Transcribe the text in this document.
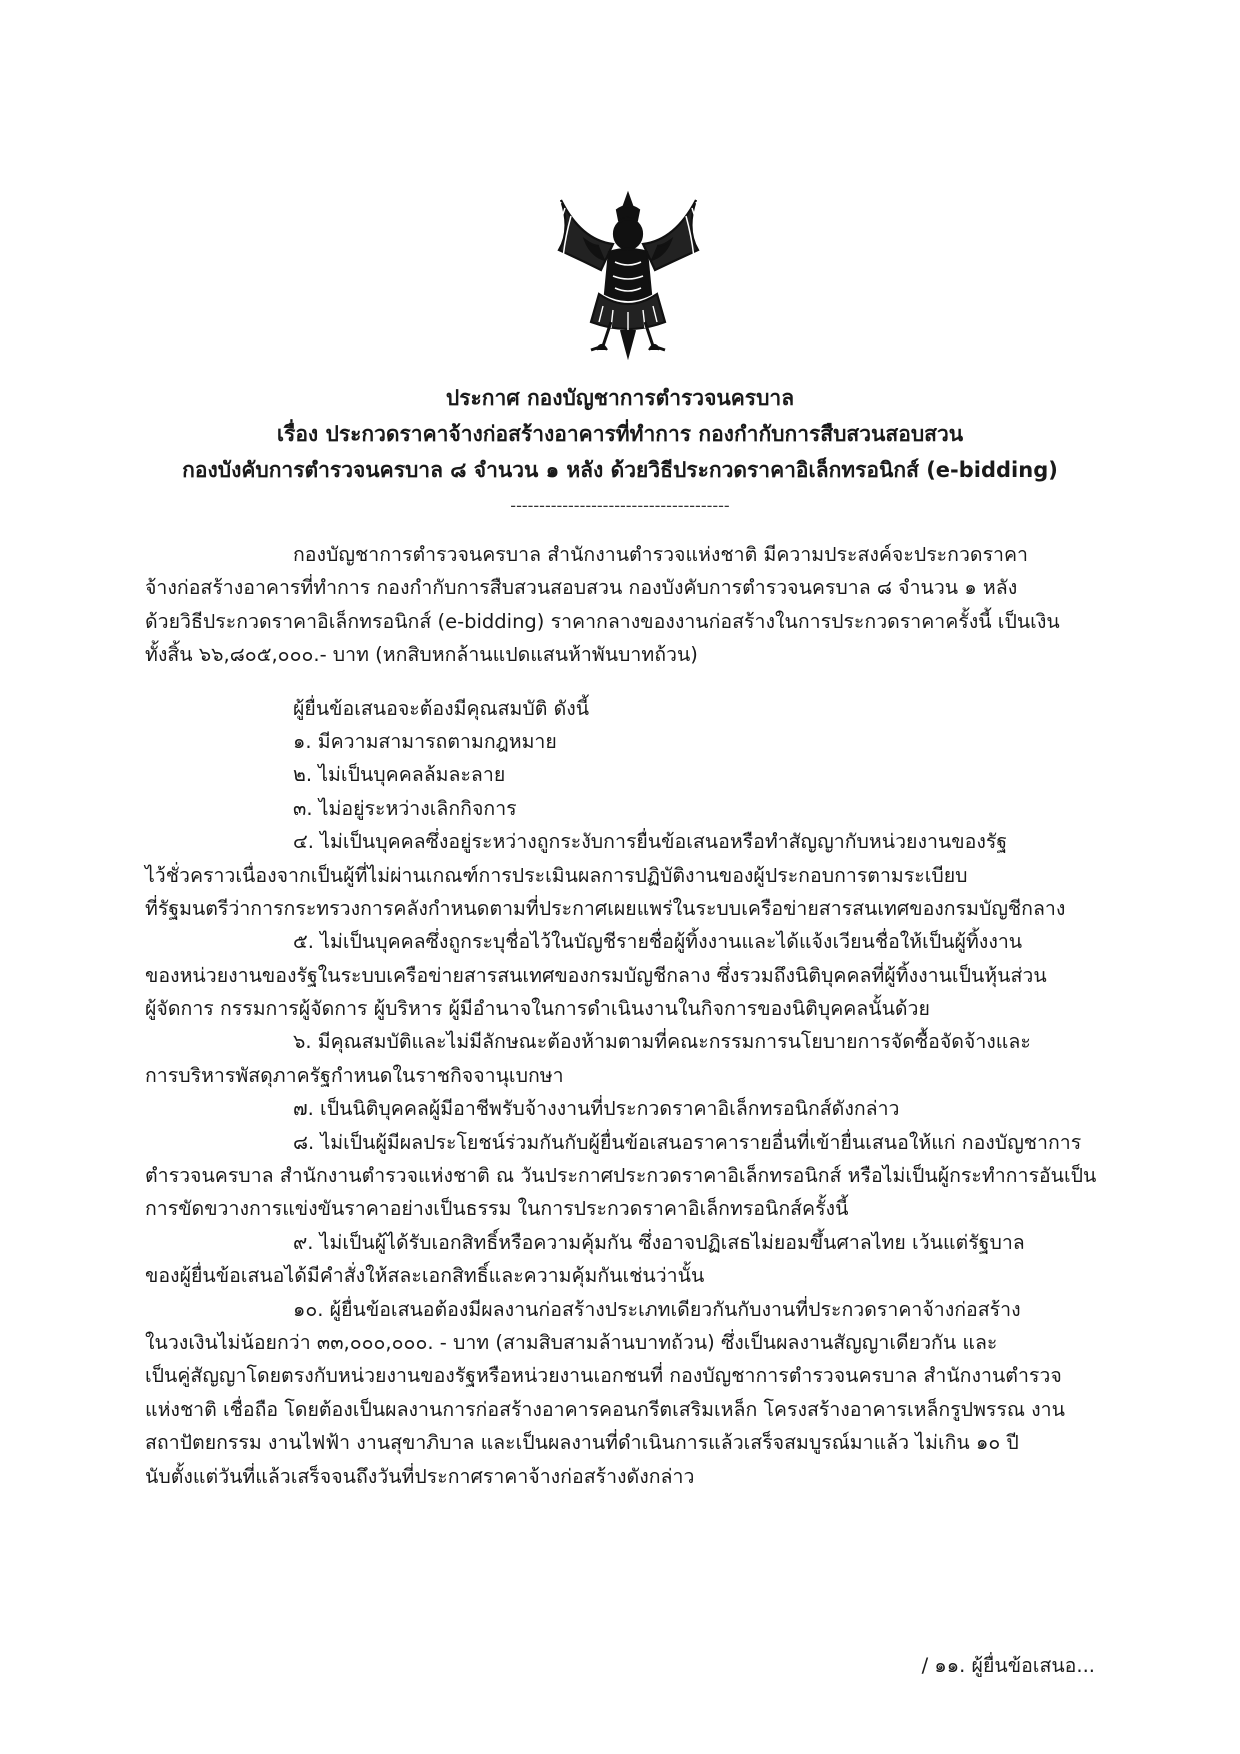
ประกาศ กองบัญชาการตำรวจนครบาล
เรื่อง ประกวดราคาจ้างก่อสร้างอาคารที่ทำการ กองกำกับการสืบสวนสอบสวน
กองบังคับการตำรวจนครบาล ๘ จำนวน ๑ หลัง ด้วยวิธีประกวดราคาอิเล็กทรอนิกส์ (e-bidding)
--------------------------------------
กองบัญชาการตำรวจนครบาล สำนักงานตำรวจแห่งชาติ มีความประสงค์จะประกวดราคา
จ้างก่อสร้างอาคารที่ทำการ กองกำกับการสืบสวนสอบสวน กองบังคับการตำรวจนครบาล ๘ จำนวน ๑ หลัง
ด้วยวิธีประกวดราคาอิเล็กทรอนิกส์ (e-bidding) ราคากลางของงานก่อสร้างในการประกวดราคาครั้งนี้ เป็นเงิน
ทั้งสิ้น ๖๖,๘๐๕,๐๐๐.- บาท (หกสิบหกล้านแปดแสนห้าพันบาทถ้วน)
ผู้ยื่นข้อเสนอจะต้องมีคุณสมบัติ ดังนี้
๑. มีความสามารถตามกฎหมาย
๒. ไม่เป็นบุคคลล้มละลาย
๓. ไม่อยู่ระหว่างเลิกกิจการ
๔. ไม่เป็นบุคคลซึ่งอยู่ระหว่างถูกระงับการยื่นข้อเสนอหรือทำสัญญากับหน่วยงานของรัฐ
ไว้ชั่วคราวเนื่องจากเป็นผู้ที่ไม่ผ่านเกณฑ์การประเมินผลการปฏิบัติงานของผู้ประกอบการตามระเบียบ
ที่รัฐมนตรีว่าการกระทรวงการคลังกำหนดตามที่ประกาศเผยแพร่ในระบบเครือข่ายสารสนเทศของกรมบัญชีกลาง
๕. ไม่เป็นบุคคลซึ่งถูกระบุชื่อไว้ในบัญชีรายชื่อผู้ทิ้งงานและได้แจ้งเวียนชื่อให้เป็นผู้ทิ้งงาน
ของหน่วยงานของรัฐในระบบเครือข่ายสารสนเทศของกรมบัญชีกลาง ซึ่งรวมถึงนิติบุคคลที่ผู้ทิ้งงานเป็นหุ้นส่วน
ผู้จัดการ กรรมการผู้จัดการ ผู้บริหาร ผู้มีอำนาจในการดำเนินงานในกิจการของนิติบุคคลนั้นด้วย
๖. มีคุณสมบัติและไม่มีลักษณะต้องห้ามตามที่คณะกรรมการนโยบายการจัดซื้อจัดจ้างและ
การบริหารพัสดุภาครัฐกำหนดในราชกิจจานุเบกษา
๗. เป็นนิติบุคคลผู้มีอาชีพรับจ้างงานที่ประกวดราคาอิเล็กทรอนิกส์ดังกล่าว
๘. ไม่เป็นผู้มีผลประโยชน์ร่วมกันกับผู้ยื่นข้อเสนอราคารายอื่นที่เข้ายื่นเสนอให้แก่ กองบัญชาการ
ตำรวจนครบาล สำนักงานตำรวจแห่งชาติ ณ วันประกาศประกวดราคาอิเล็กทรอนิกส์ หรือไม่เป็นผู้กระทำการอันเป็น
การขัดขวางการแข่งขันราคาอย่างเป็นธรรม ในการประกวดราคาอิเล็กทรอนิกส์ครั้งนี้
๙. ไม่เป็นผู้ได้รับเอกสิทธิ์หรือความคุ้มกัน ซึ่งอาจปฏิเสธไม่ยอมขึ้นศาลไทย เว้นแต่รัฐบาล
ของผู้ยื่นข้อเสนอได้มีคำสั่งให้สละเอกสิทธิ์และความคุ้มกันเช่นว่านั้น
๑๐. ผู้ยื่นข้อเสนอต้องมีผลงานก่อสร้างประเภทเดียวกันกับงานที่ประกวดราคาจ้างก่อสร้าง
ในวงเงินไม่น้อยกว่า ๓๓,๐๐๐,๐๐๐. - บาท (สามสิบสามล้านบาทถ้วน) ซึ่งเป็นผลงานสัญญาเดียวกัน และ
เป็นคู่สัญญาโดยตรงกับหน่วยงานของรัฐหรือหน่วยงานเอกชนที่ กองบัญชาการตำรวจนครบาล สำนักงานตำรวจ
แห่งชาติ เชื่อถือ โดยต้องเป็นผลงานการก่อสร้างอาคารคอนกรีตเสริมเหล็ก โครงสร้างอาคารเหล็กรูปพรรณ งาน
สถาปัตยกรรม งานไฟฟ้า งานสุขาภิบาล และเป็นผลงานที่ดำเนินการแล้วเสร็จสมบูรณ์มาแล้ว ไม่เกิน ๑๐ ปี
นับตั้งแต่วันที่แล้วเสร็จจนถึงวันที่ประกาศราคาจ้างก่อสร้างดังกล่าว
/ ๑๑. ผู้ยื่นข้อเสนอ...
